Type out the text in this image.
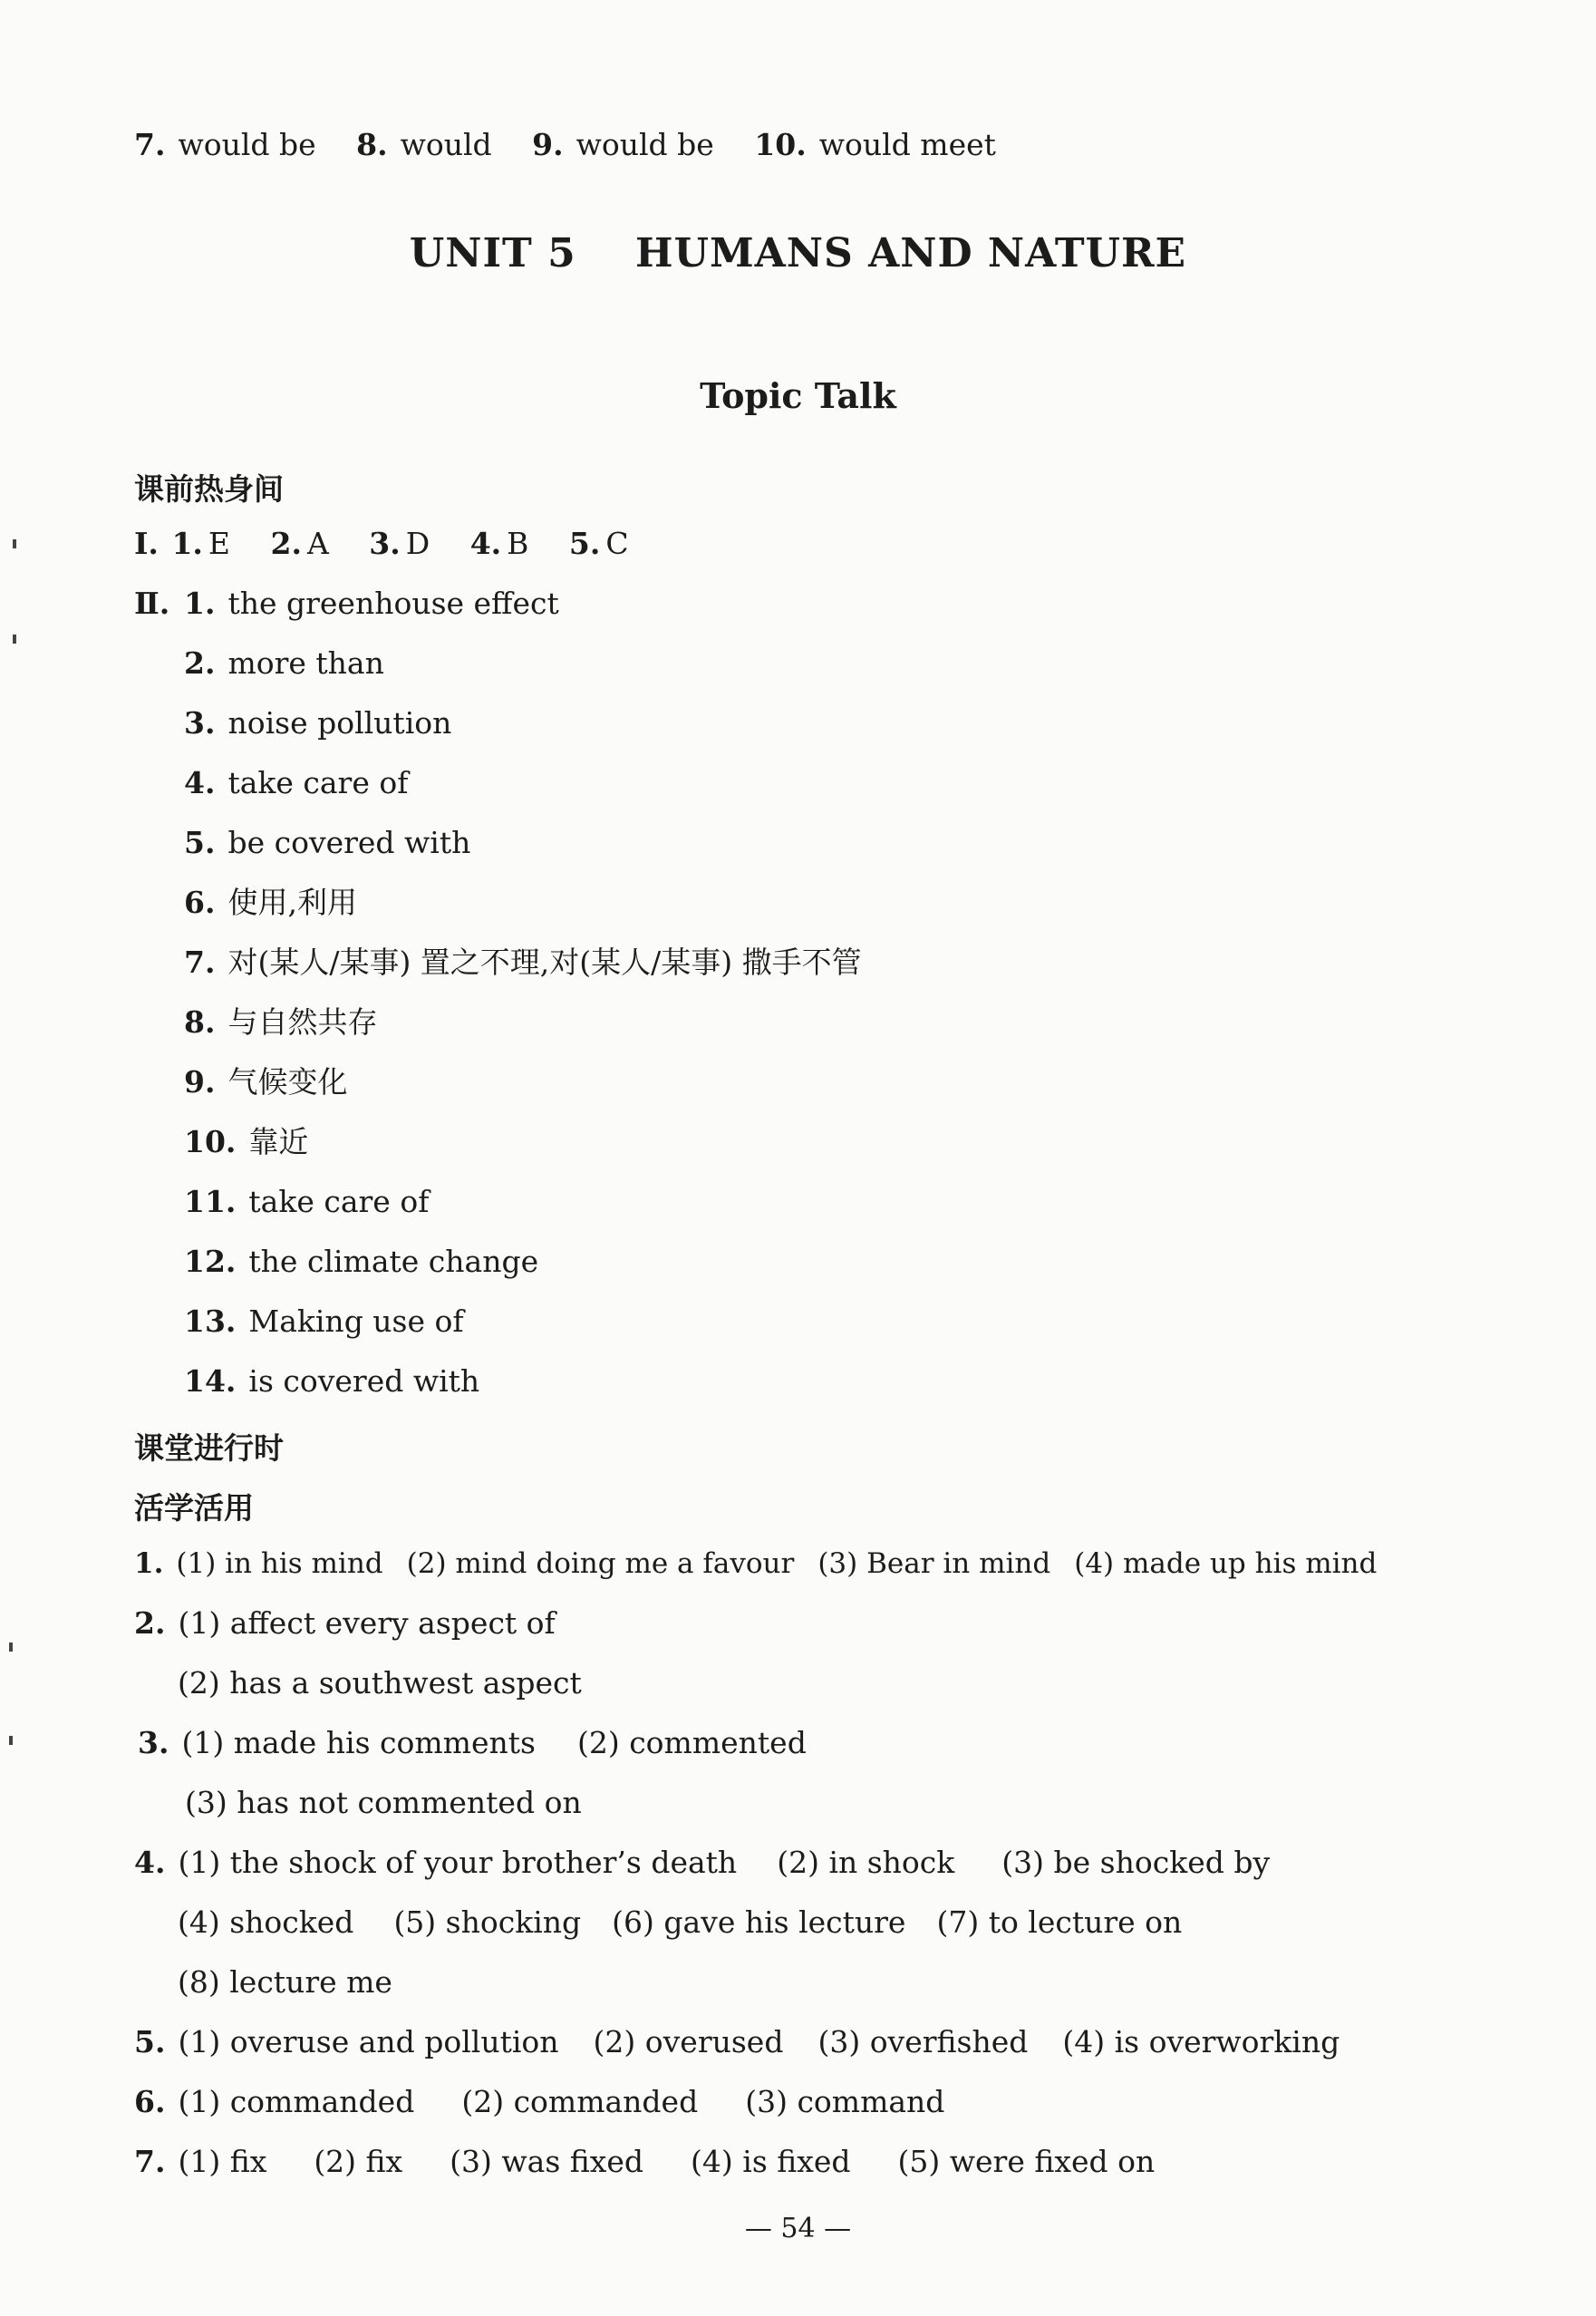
7. would be 8. would 9. would be 10. would meet
UNIT 5    HUMANS AND NATURE
Topic Talk
课前热身间
Ⅰ. 1. E 2. A 3. D 4. B 5. C
Ⅱ. 1. the greenhouse effect
2. more than
3. noise pollution
4. take care of
5. be covered with
6. 使用,利用
7. 对(某人/某事) 置之不理,对(某人/某事) 撒手不管
8. 与自然共存
9. 气候变化
10. 靠近
11. take care of
12. the climate change
13. Making use of
14. is covered with
课堂进行时
活学活用
1. (1) in his mind (2) mind doing me a favour (3) Bear in mind (4) made up his mind
2. (1) affect every aspect of
(2) has a southwest aspect
3. (1) made his comments (2) commented
(3) has not commented on
4. (1) the shock of your brother’s death (2) in shock (3) be shocked by
(4) shocked (5) shocking (6) gave his lecture (7) to lecture on
(8) lecture me
5. (1) overuse and pollution (2) overused (3) overfished (4) is overworking
6. (1) commanded (2) commanded (3) command
7. (1) fix (2) fix (3) was fixed (4) is fixed (5) were fixed on
— 54 —
